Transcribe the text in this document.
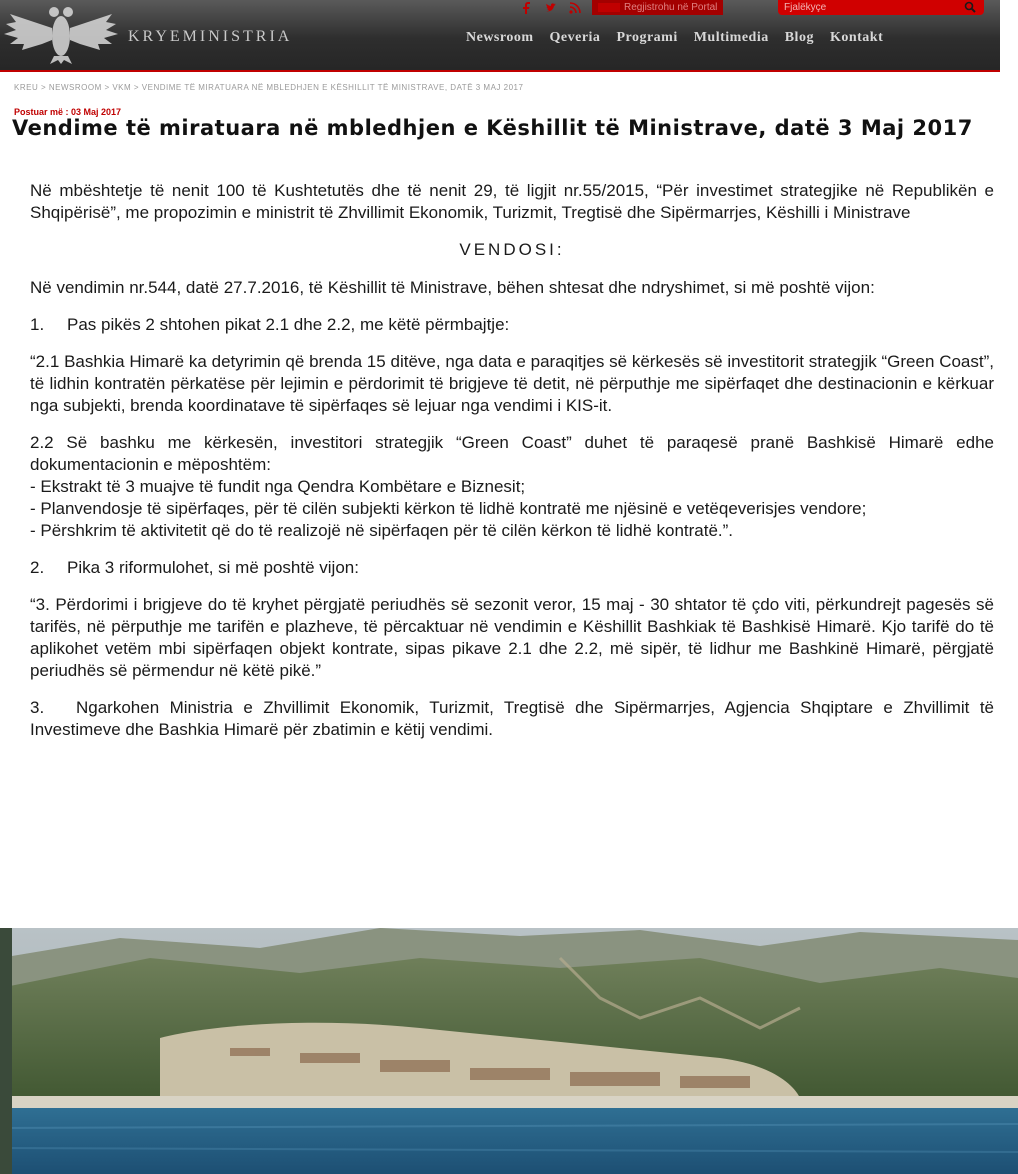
KRYEMINISTRIA
Regjistrohu në Portal
Fjalëkyçe
Newsroom Qeveria Programi Multimedia Blog Kontakt
KREU > NEWSROOM > VKM > VENDIME TË MIRATUARA NË MBLEDHJEN E KËSHILLIT TË MINISTRAVE, DATË 3 MAJ 2017
Postuar më : 03 Maj 2017
Vendime të miratuara në mbledhjen e Këshillit të Ministrave, datë 3 Maj 2017

Në mbështetje të nenit 100 të Kushtetutës dhe të nenit 29, të ligjit nr.55/2015, “Për investimet strategjike në Republikën e Shqipërisë”, me propozimin e ministrit të Zhvillimit Ekonomik, Turizmit, Tregtisë dhe Sipërmarrjes, Këshilli i Ministrave

VENDOSI:

Në vendimin nr.544, datë 27.7.2016, të Këshillit të Ministrave, bëhen shtesat dhe ndryshimet, si më poshtë vijon:

1. Pas pikës 2 shtohen pikat 2.1 dhe 2.2, me këtë përmbajtje:

“2.1 Bashkia Himarë ka detyrimin që brenda 15 ditëve, nga data e paraqitjes së kërkesës së investitorit strategjik “Green Coast”, të lidhin kontratën përkatëse për lejimin e përdorimit të brigjeve të detit, në përputhje me sipërfaqet dhe destinacionin e kërkuar nga subjekti, brenda koordinatave të sipërfaqes së lejuar nga vendimi i KIS-it.

2.2 Së bashku me kërkesën, investitori strategjik “Green Coast” duhet të paraqesë pranë Bashkisë Himarë edhe dokumentacionin e mëposhtëm:

- Ekstrakt të 3 muajve të fundit nga Qendra Kombëtare e Biznesit;

- Planvendosje të sipërfaqes, për të cilën subjekti kërkon të lidhë kontratë me njësinë e vetëqeverisjes vendore;

- Përshkrim të aktivitetit që do të realizojë në sipërfaqen për të cilën kërkon të lidhë kontratë.”.

2. Pika 3 riformulohet, si më poshtë vijon:

“3. Përdorimi i brigjeve do të kryhet përgjatë periudhës së sezonit veror, 15 maj - 30 shtator të çdo viti, përkundrejt pagesës së tarifës, në përputhje me tarifën e plazheve, të përcaktuar në vendimin e Këshillit Bashkiak të Bashkisë Himarë. Kjo tarifë do të aplikohet vetëm mbi sipërfaqen objekt kontrate, sipas pikave 2.1 dhe 2.2, më sipër, të lidhur me Bashkinë Himarë, përgjatë periudhës së përmendur në këtë pikë.”

3. Ngarkohen Ministria e Zhvillimit Ekonomik, Turizmit, Tregtisë dhe Sipërmarrjes, Agjencia Shqiptare e Zhvillimit të Investimeve dhe Bashkia Himarë për zbatimin e këtij vendimi.
